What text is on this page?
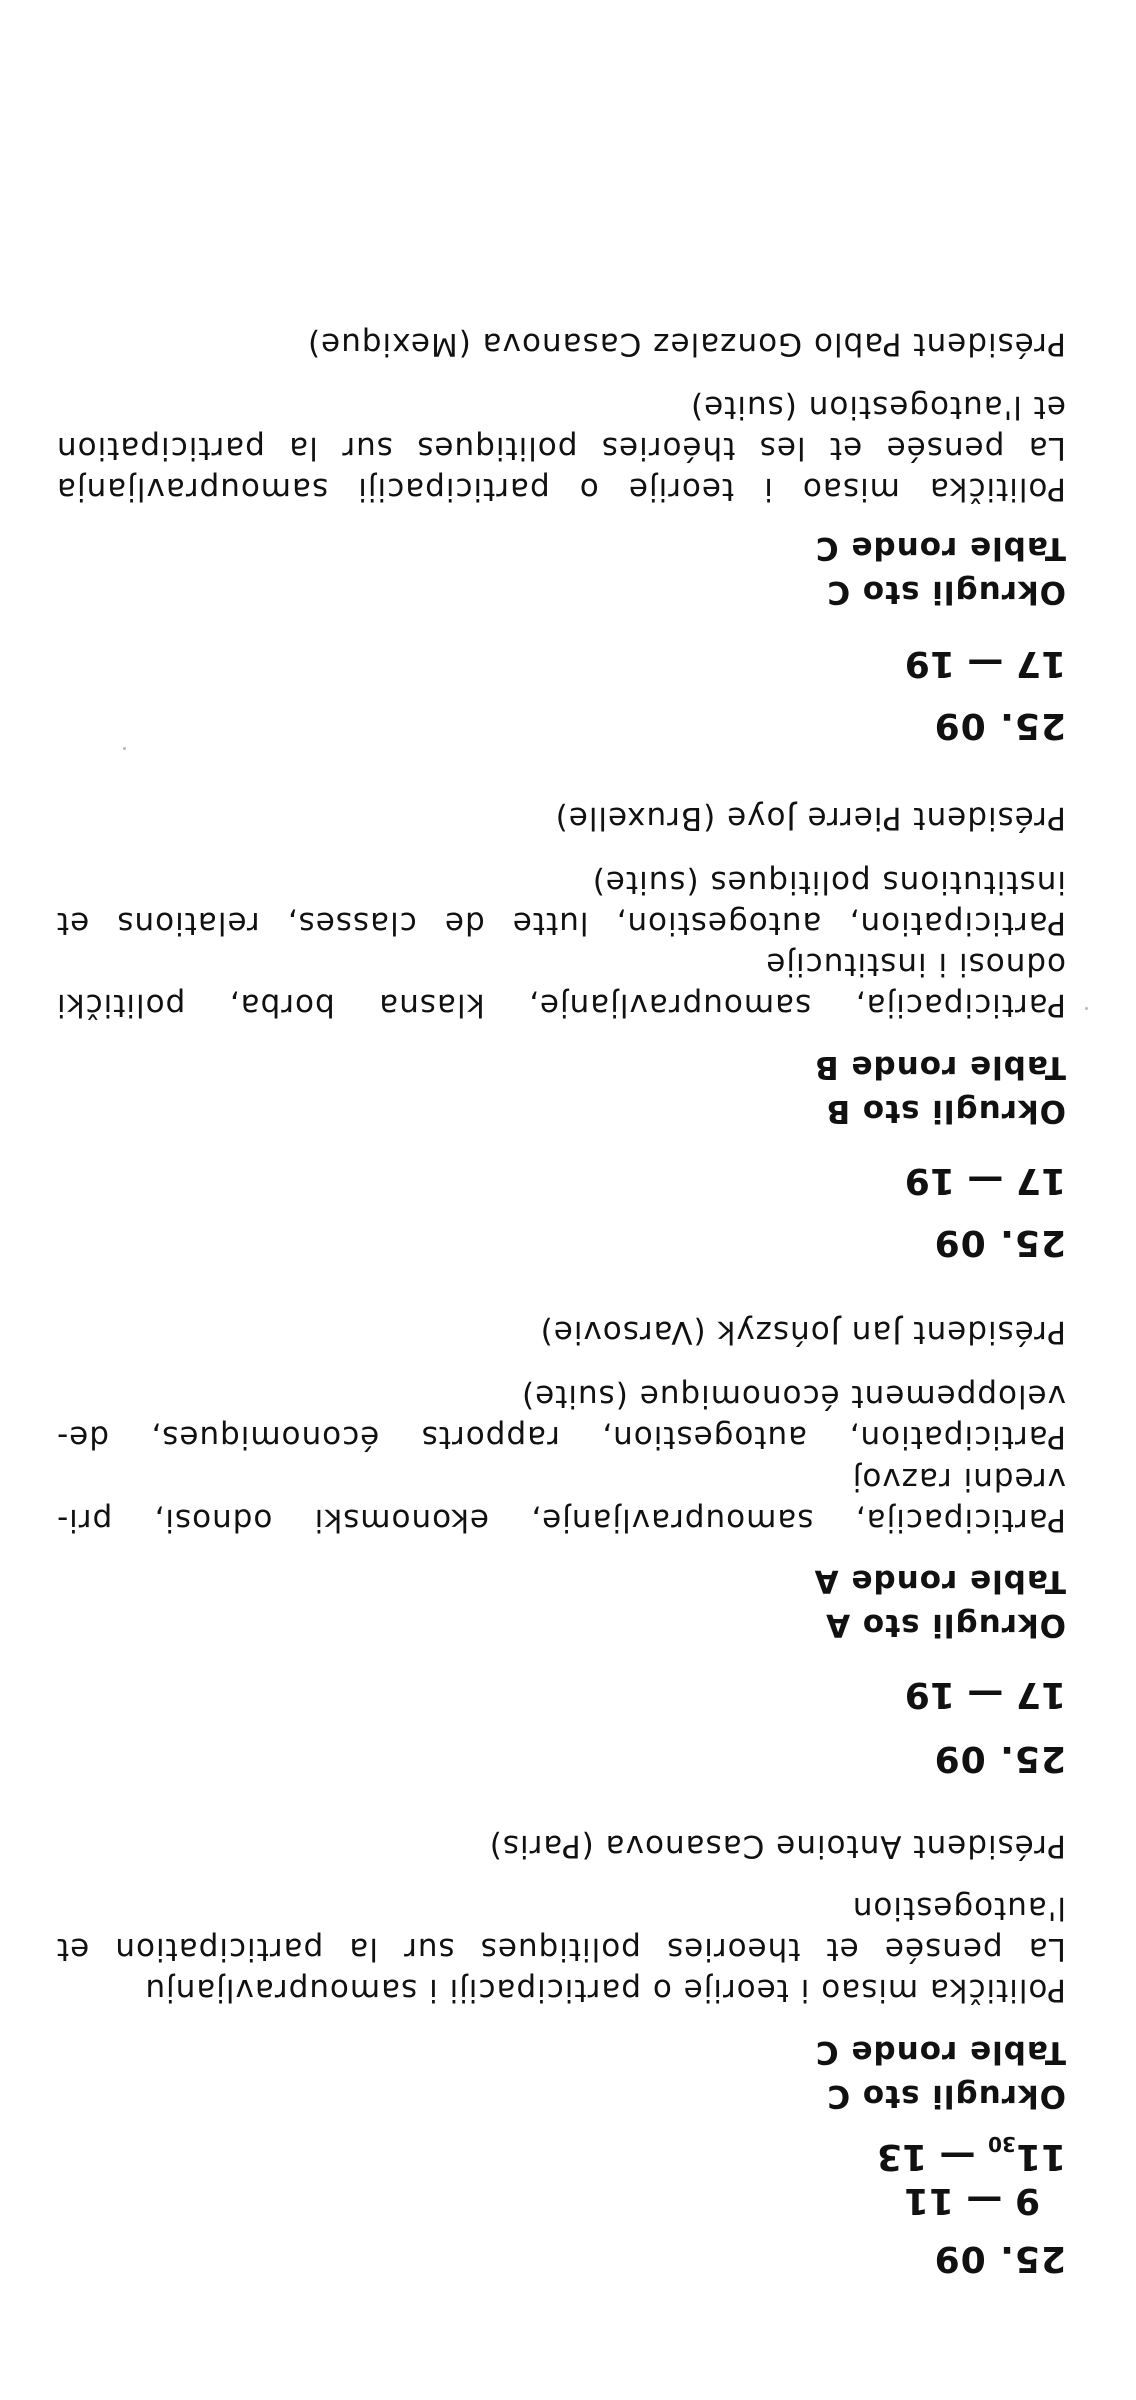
25. 09
9 — 11
$11^{30}$ — 13
Okrugli sto C
Table ronde C
Politička misao i teorije o participaciji i samoupravljanju
La pensée et theories politiques sur la participation et
l'autogestion
Président Antoine Casanova (Paris)
25. 09
17 — 19
Okrugli sto A
Table ronde A
Participacija, samoupravljanje, ekonomski odnosi, pri-
vredni razvoj
Participation, autogestion, rapports économiques, de-
veloppement économique (suite)
Président Jan Jońszyk (Varsovie)
25. 09
17 — 19
Okrugli sto B
Table ronde B
Participacija, samoupravljanje, klasna borba, politički
odnosi i institucije
Participation, autogestion, lutte de classes, relations et
institutions politiques (suite)
Président Pierre Joye (Bruxelle)
25. 09
17 — 19
Okrugli sto C
Table ronde C
Politička misao i teorije o participaciji samoupravljanja
La pensée et les théories politiques sur la participation
et l'autogestion (suite)
Président Pablo Gonzalez Casanova (Mexique)
